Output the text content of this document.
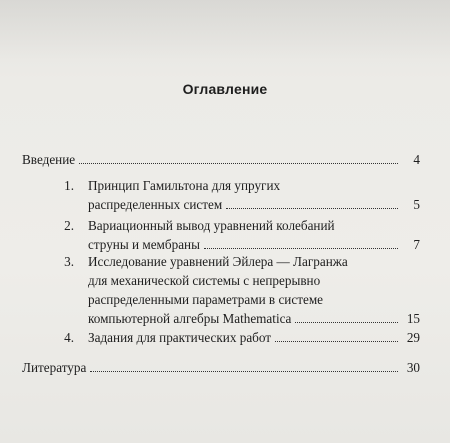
Оглавление
Введение	4
1.	Принцип Гамильтона для упругих
распределенных систем	5
2.	Вариационный вывод уравнений колебаний
струны и мембраны	7
3.	Исследование уравнений Эйлера — Лагранжа
для механической системы с непрерывно
распределенными параметрами в системе
компьютерной алгебры Mathematica	15
4.	Задания для практических работ	29
Литература	30
